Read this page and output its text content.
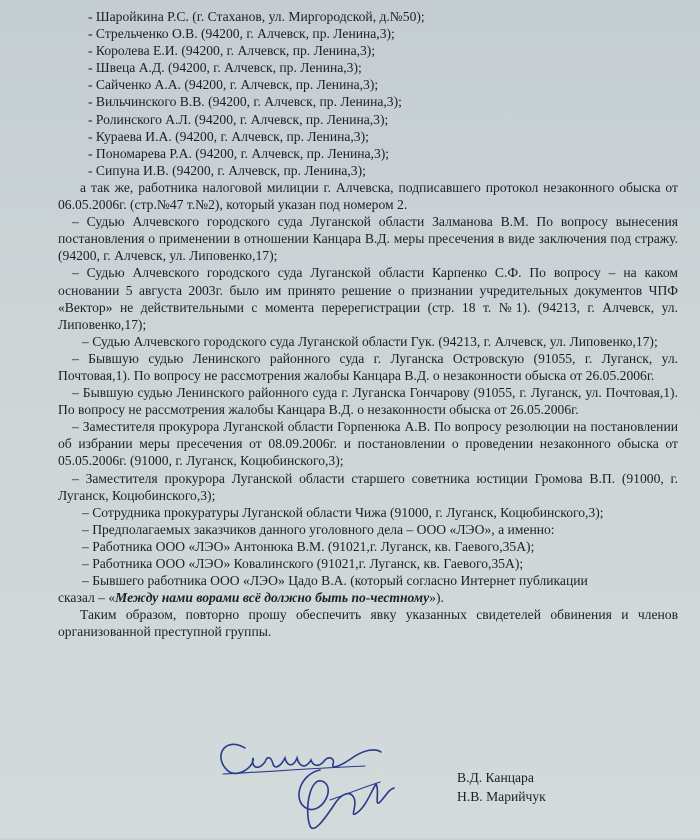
- Шаройкина Р.С. (г. Стаханов, ул. Миргородской, д.№50);
- Стрельченко О.В. (94200, г. Алчевск, пр. Ленина,3);
- Королева Е.И. (94200, г. Алчевск, пр. Ленина,3);
- Швеца А.Д. (94200, г. Алчевск, пр. Ленина,3);
- Сайченко А.А. (94200, г. Алчевск, пр. Ленина,3);
- Вильчинского В.В. (94200, г. Алчевск, пр. Ленина,3);
- Ролинского А.Л. (94200, г. Алчевск, пр. Ленина,3);
- Кураева И.А. (94200, г. Алчевск, пр. Ленина,3);
- Пономарева Р.А. (94200, г. Алчевск, пр. Ленина,3);
- Сипуна И.В. (94200, г. Алчевск, пр. Ленина,3);

а так же, работника налоговой милиции г. Алчевска, подписавшего протокол незаконного обыска от 06.05.2006г. (стр.№47 т.№2), который указан под номером 2.

– Судью Алчевского городского суда Луганской области Залманова В.М. По вопросу вынесения постановления о применении в отношении Канцара В.Д. меры пресечения в виде заключения под стражу. (94200, г. Алчевск, ул. Липовенко,17);

– Судью Алчевского городского суда Луганской области Карпенко С.Ф. По вопросу – на каком основании 5 августа 2003г. было им принято решение о признании учредительных документов ЧПФ «Вектор» не действительными с момента перерегистрации (стр. 18 т. №1). (94213, г. Алчевск, ул. Липовенко,17);

– Судью Алчевского городского суда Луганской области Гук. (94213, г. Алчевск, ул. Липовенко,17);

– Бывшую судью Ленинского районного суда г. Луганска Островскую (91055, г. Луганск, ул. Почтовая,1). По вопросу не рассмотрения жалобы Канцара В.Д. о незаконности обыска от 26.05.2006г.

– Бывшую судью Ленинского районного суда г. Луганска Гончарову (91055, г. Луганск, ул. Почтовая,1). По вопросу не рассмотрения жалобы Канцара В.Д. о незаконности обыска от 26.05.2006г.

– Заместителя прокурора Луганской области Горпенюка А.В. По вопросу резолюции на постановлении об избрании меры пресечения от 08.09.2006г. и постановлении о проведении незаконного обыска от 05.05.2006г. (91000, г. Луганск, Коцюбинского,3);

– Заместителя прокурора Луганской области старшего советника юстиции Громова В.П. (91000, г. Луганск, Коцюбинского,3);

– Сотрудника прокуратуры Луганской области Чижа (91000, г. Луганск, Коцюбинского,3);
– Предполагаемых заказчиков данного уголовного дела – ООО «ЛЭО», а именно:
– Работника ООО «ЛЭО» Антонюка В.М. (91021,г. Луганск, кв. Гаевого,35А);
– Работника ООО «ЛЭО» Ковалинского (91021,г. Луганск, кв. Гаевого,35А);
– Бывшего работника ООО «ЛЭО» Цадо В.А. (который согласно Интернет публикации

сказал – «Между нами ворами всё должно быть по-честному»).

Таким образом, повторно прошу обеспечить явку указанных свидетелей обвинения и членов организованной преступной группы.

В.Д. Канцара
Н.В. Марийчук
